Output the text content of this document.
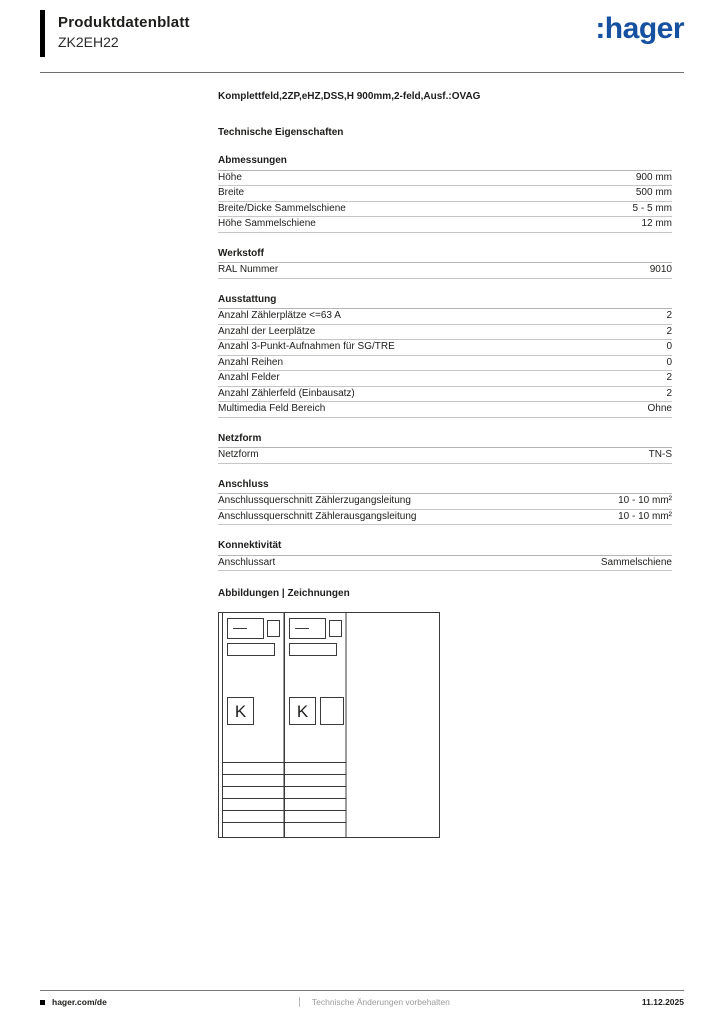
Produktdatenblatt
ZK2EH22	:hager
Komplettfeld,2ZP,eHZ,DSS,H 900mm,2-feld,Ausf.:OVAG
Technische Eigenschaften
Abmessungen
Höhe	900 mm
Breite	500 mm
Breite/Dicke Sammelschiene	5 - 5 mm
Höhe Sammelschiene	12 mm
Werkstoff
RAL Nummer	9010
Ausstattung
Anzahl Zählerplätze <=63 A	2
Anzahl der Leerplätze	2
Anzahl 3-Punkt-Aufnahmen für SG/TRE	0
Anzahl Reihen	0
Anzahl Felder	2
Anzahl Zählerfeld (Einbausatz)	2
Multimedia Feld Bereich	Ohne
Netzform
Netzform	TN-S
Anschluss
Anschlussquerschnitt Zählerzugangsleitung	10 - 10 mm²
Anschlussquerschnitt Zählerausgangsleitung	10 - 10 mm²
Konnektivität
Anschlussart	Sammelschiene
Abbildungen | Zeichnungen
K	K
hager.com/de	Technische Änderungen vorbehalten	11.12.2025
